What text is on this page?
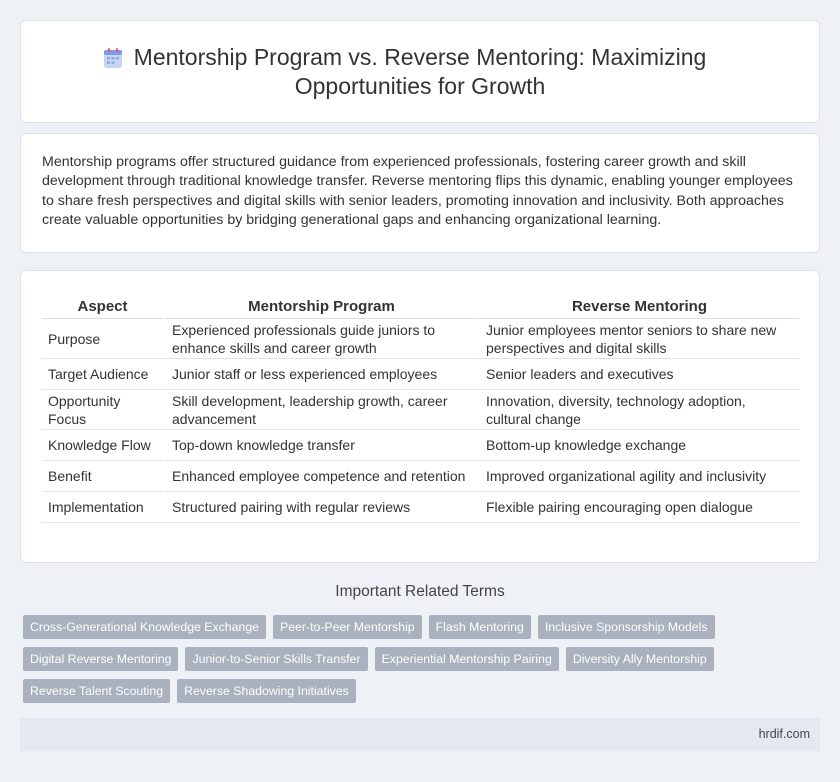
Mentorship Program vs. Reverse Mentoring: Maximizing Opportunities for Growth

Mentorship programs offer structured guidance from experienced professionals, fostering career growth and skill development through traditional knowledge transfer. Reverse mentoring flips this dynamic, enabling younger employees to share fresh perspectives and digital skills with senior leaders, promoting innovation and inclusivity. Both approaches create valuable opportunities by bridging generational gaps and enhancing organizational learning.

Aspect	Mentorship Program	Reverse Mentoring
Purpose	Experienced professionals guide juniors to enhance skills and career growth	Junior employees mentor seniors to share new perspectives and digital skills
Target Audience	Junior staff or less experienced employees	Senior leaders and executives
Opportunity Focus	Skill development, leadership growth, career advancement	Innovation, diversity, technology adoption, cultural change
Knowledge Flow	Top-down knowledge transfer	Bottom-up knowledge exchange
Benefit	Enhanced employee competence and retention	Improved organizational agility and inclusivity
Implementation	Structured pairing with regular reviews	Flexible pairing encouraging open dialogue
Important Related Terms
Cross-Generational Knowledge Exchange	Peer-to-Peer Mentorship	Flash Mentoring	Inclusive Sponsorship Models
Digital Reverse Mentoring	Junior-to-Senior Skills Transfer	Experiential Mentorship Pairing	Diversity Ally Mentorship
Reverse Talent Scouting	Reverse Shadowing Initiatives
hrdif.com
